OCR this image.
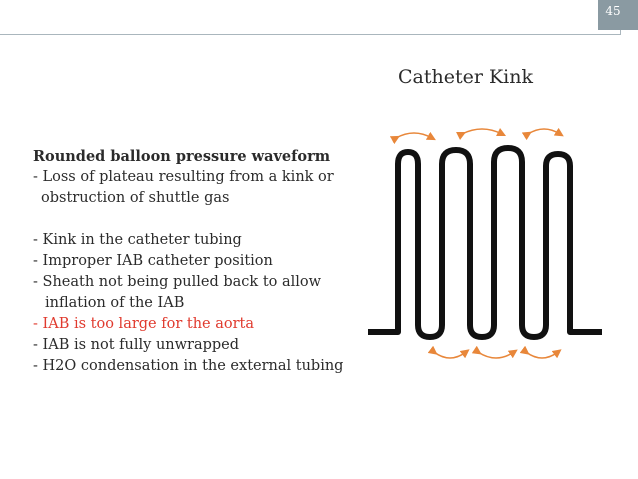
45
Catheter Kink
Rounded balloon pressure waveform
- Loss of plateau resulting from a kink or
obstruction of shuttle gas
- Kink in the catheter tubing
- Improper IAB catheter position
- Sheath not being pulled back to allow
inflation of the IAB
- IAB is too large for the aorta
- IAB is not fully unwrapped
- H2O condensation in the external tubing
